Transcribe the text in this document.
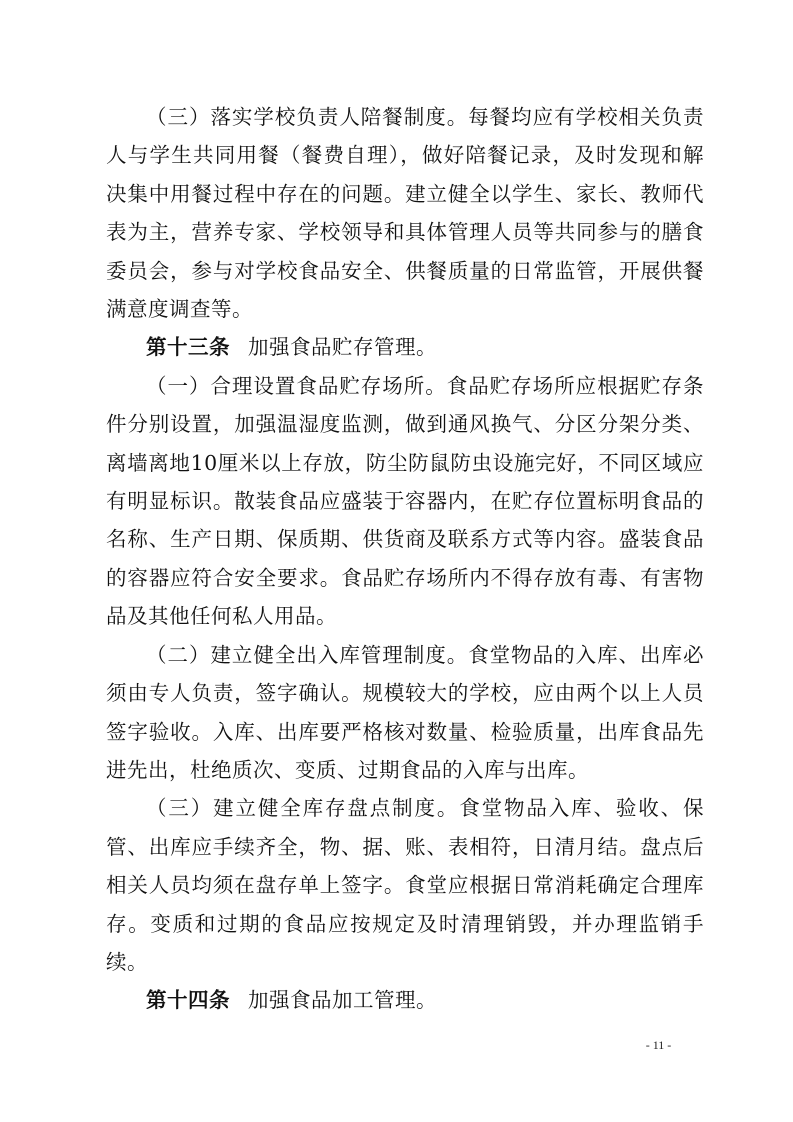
（三）落实学校负责人陪餐制度。每餐均应有学校相关负责人与学生共同用餐（餐费自理），做好陪餐记录，及时发现和解决集中用餐过程中存在的问题。建立健全以学生、家长、教师代表为主，营养专家、学校领导和具体管理人员等共同参与的膳食委员会，参与对学校食品安全、供餐质量的日常监管，开展供餐满意度调查等。

第十三条 加强食品贮存管理。

（一）合理设置食品贮存场所。食品贮存场所应根据贮存条件分别设置，加强温湿度监测，做到通风换气、分区分架分类、离墙离地10厘米以上存放，防尘防鼠防虫设施完好，不同区域应有明显标识。散装食品应盛装于容器内，在贮存位置标明食品的名称、生产日期、保质期、供货商及联系方式等内容。盛装食品的容器应符合安全要求。食品贮存场所内不得存放有毒、有害物品及其他任何私人用品。

（二）建立健全出入库管理制度。食堂物品的入库、出库必须由专人负责，签字确认。规模较大的学校，应由两个以上人员签字验收。入库、出库要严格核对数量、检验质量，出库食品先进先出，杜绝质次、变质、过期食品的入库与出库。

（三）建立健全库存盘点制度。食堂物品入库、验收、保管、出库应手续齐全，物、据、账、表相符，日清月结。盘点后相关人员均须在盘存单上签字。食堂应根据日常消耗确定合理库存。变质和过期的食品应按规定及时清理销毁，并办理监销手续。

第十四条 加强食品加工管理。

- 11 -
